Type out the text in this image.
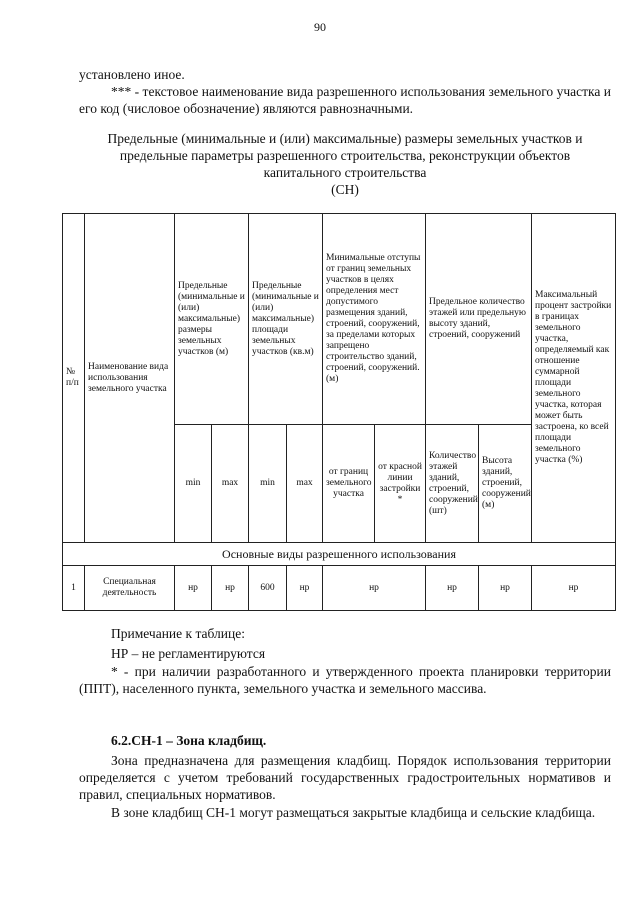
90
установлено иное.
*** - текстовое наименование вида разрешенного использования земельного участка и его код (числовое обозначение) являются равнозначными.
Предельные (минимальные и (или) максимальные) размеры земельных участков и
предельные параметры разрешенного строительства, реконструкции объектов
капитального строительства
(СН)
№ п/п	Наименование вида использования земельного участка	Предельные (минимальные и (или) максимальные) размеры земельных участков (м)		Предельные (минимальные и (или) максимальные) площади земельных участков (кв.м)		Минимальные отступы от границ земельных участков в целях определения мест допустимого размещения зданий, строений, сооружений, за пределами которых запрещено строительство зданий, строений, сооружений. (м)		Предельное количество этажей или предельную высоту зданий, строений, сооружений		Максимальный процент застройки в границах земельного участка, определяемый как отношение суммарной площади земельного участка, которая может быть застроена, ко всей площади земельного участка (%)
		min	max	min	max	от границ земельного участка	от красной линии застройки *	Количество этажей зданий, строений, сооружений (шт)	Высота зданий, строений, сооружений (м)	
Основные виды разрешенного использования										
1	Специальная деятельность	нр	нр	600	нр	нр		нр	нр	нр
Примечание к таблице:
НР – не регламентируются
* - при наличии разработанного и утвержденного проекта планировки территории (ППТ), населенного пункта, земельного участка и земельного массива.
6.2.СН-1 – Зона кладбищ.
Зона предназначена для размещения кладбищ. Порядок использования территории определяется с учетом требований государственных градостроительных нормативов и правил, специальных нормативов.
В зоне кладбищ СН-1 могут размещаться закрытые кладбища и сельские кладбища.
